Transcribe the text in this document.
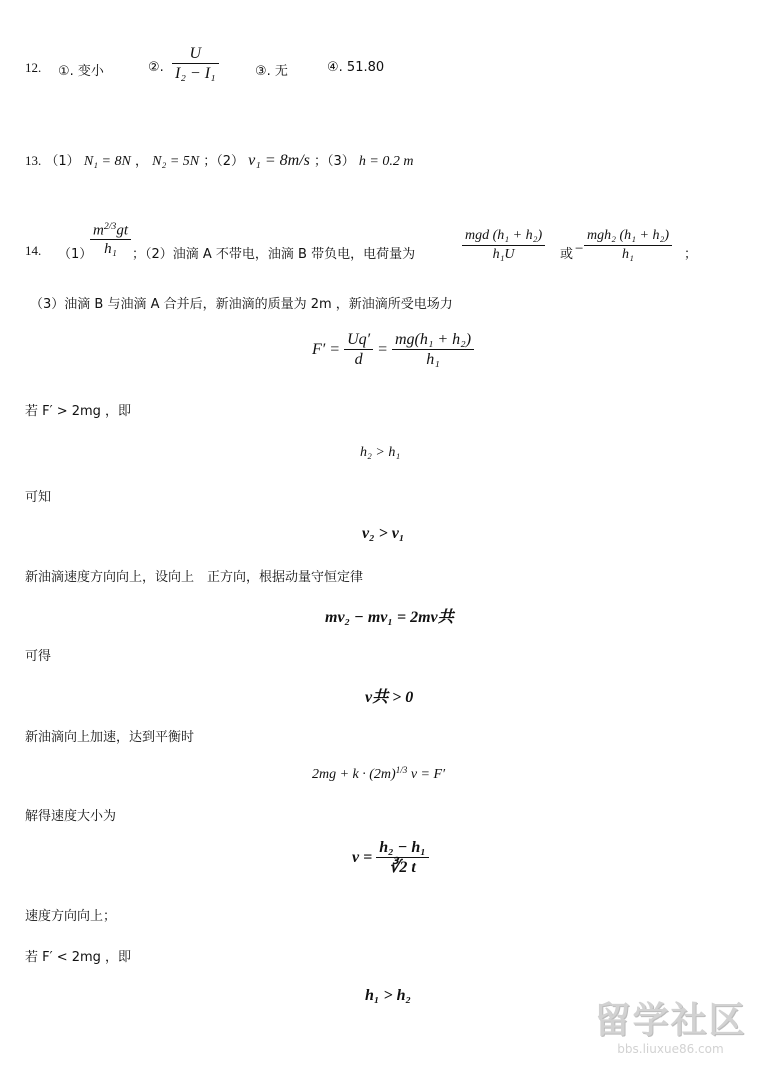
12. ①. 变小	②. $\frac{U}{\text{I₂ − I₁}}$	③. 无	④. 51.80
13. （1） N₁ = 8N ， N₂ = 5N ；（2） v₁ = 8m/s ；（3） h = 0.2 m
14. （1）
$\frac{m^{2/3}gt}{\text{h₁}}$ ；（2）油滴 A 不带电，油滴 B 带负电，电荷量为	$\frac{\text{mgd (h₁ + h₂)}}{\text{h₁U}}$ 或 − $\frac{\text{mgh₂ (h₁ + h₂)}}{\text{h₁}}$ ；
（3）油滴 B 与油滴 A 合并后，新油滴的质量为 2m ，新油滴所受电场力
$F' = \frac{Uq'}{d} = \frac{\text{mg(h₁ + h₂)}}{\text{h₁}}$
若 F′ > 2mg ，即
h₂ > h₁
可知
v₂ > v₁
新油滴速度方向向上，设向上　正方向，根据动量守恒定律
mv₂ − mv₁ = 2mv共
可得
v共 > 0
新油滴向上加速，达到平衡时
$2mg + k \cdot (2m)^{1/3}$ v = F′
解得速度大小为
$v = \frac{\text{h₂ − h₁}}{∛2 t}$
速度方向向上；
若 F′ < 2mg ，即
h₁ > h₂
留学社区
bbs.liuxue86.com
